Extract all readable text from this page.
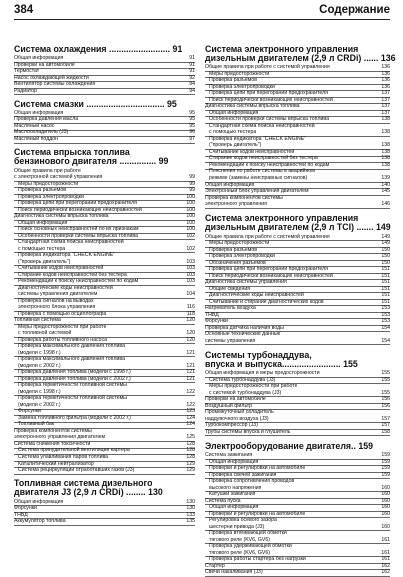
384	Содержание
Система охлаждения ......................... 91
Общая информация	91
Проверки на автомобиле	91
Термостат	91
Насос охлаждающей жидкости	92
Вентилятор системы охлаждения	94
Радиатор	94
Система смазки ................................ 95
Общая информация	95
Проверка давления масла	95
Масляный насос	95
Маслоохладитель (J3)	96
Масляный поддон	97
Система впрыска топлива
бензинового двигателя ............... 99
Общие правила при работе
с электронной системой управления	99
Меры предосторожности	99
Проверка разъемов	99
Проверка электропроводки	100
Проверка цепи при перегорании предохранителя	100
Поиск периодически возникающих неисправностей	100
Диагностика системы впрыска топлива	100
Общая информация	100
Поиск основных неисправностей по их признакам	100
Особенности проверки системы впрыска топлива	102
Стандартная схема поиска неисправностей
с помощью тестера	102
Проверка индикатора "CHECK ENGINE"
("проверь двигатель")	103
Считывание кодов неисправностей	103
Стирание кодов неисправностей без тестера	103
Рекомендации к поиску неисправностей по кодам	103
Диагностические коды неисправностей
системы управления двигателем	104
Проверка сигналов на выводах
электронного блока управления	116
Проверка с помощью осциллографа	118
Топливная система	120
Меры предосторожности при работе
с топливной системой	120
Проверка работы топливного насоса	120
Проверка максимального давления топлива
(модели с 1998 г.)	121
Проверка максимального давления топлива
(модели с 2002 г.)	121
Проверка давления топлива (модели с 1998 г.)	121
Проверка давления топлива (модели с 2002 г.)	121
Проверка герметичности топливной системы
(модели с 1998 г.)	122
Проверка герметичности топливной системы
(модели с 2002 г.)	122
Форсунки	123
Замена топливного фильтра (модели с 2002 г.)	124
Топливный бак	124
Проверка компонентов системы
электронного управления двигателем	125
Система снижения токсичности	128
Система принудительной вентиляции картера	128
Система улавливания паров топлива	128
Каталитический нейтрализатор	129
Система рециркуляции отработавших газов (J3)	129
Топливная система дизельного
двигателя J3 (2,9 л CRDi) ........ 130
Общая информация	130
Форсунки	130
ТНВД	133
Аккумулятор топлива	135
Система электронного управления
дизельным двигателем (2,9 л CRDi) ...... 136
Общие правила при работе с системой управления	136
Меры предосторожности	136
Проверка разъемов	136
Проверка электропроводки	136
Проверка цепи при перегорании предохранителя	137
Поиск периодически возникающих неисправностей	137
Диагностика системы впрыска топлива	137
Общая информация	137
Особенности проверки системы впрыска топлива	138
Стандартная схема поиска неисправностей
с помощью тестера	138
Проверка индикатора "CHECK ENGINE"
("проверь двигатель")	138
Считывание кодов неисправностей	138
Стирание кодов неисправностей без тестера	138
Рекомендации к поиску неисправностей по кодам	138
Пояснения по работе системы в аварийном
режиме (замены неисправных сигналов)	139
Общая информация	140
Электронный блок управления двигателем	145
Проверка компонентов системы
электронного управления	146
Система электронного управления
дизельным двигателем (2,9 л TCI) ....... 149
Общие правила при работе с системой управления	149
Меры предосторожности	149
Проверка разъемов	150
Проверка электропроводки	150
Обозначения разъемов	150
Проверка цепи при перегорании предохранителя	151
Поиск периодически возникающих неисправностей	151
Диагностика системы управления	151
Общие сведения	151
Диагностические коды неисправностей	151
Считывание и стирание диагностических кодов	151
Нагреватель воздуха	153
ТНВД	153
Форсунки	153
Проверка датчика наличия воды	154
Основные технические данные
системы управления	154
Системы турбонаддува,
впуска и выпуска........................ 155
Общая информация и меры предосторожности	155
Система турбонаддува (J3)	155
Меры предосторожности при работе
с системой турбонаддува (J3)	155
Проверки на автомобиле	156
Воздушный фильтр	156
Промежуточный охладитель
наддувочного воздуха (J3)	157
Турбокомпрессор (J3)	157
Трубы системы впуска и глушитель	158
Электрооборудование двигателя.. 159
Система зажигания	159
Общая информация	159
Проверки и регулировки на автомобиле	159
Проверка свечей зажигания	159
Проверка сопротивления проводов
высокого напряжения	160
Катушки зажигания	160
Система пуска	160
Общая информация	160
Проверки и регулировки на автомобиле	160
Регулировка осевого зазора
шестерни привода (J3)	160
Проверка втягивающей обмотки
тягового реле (KV6, GV6)	161
Проверка удерживающей обмотки
тягового реле (KV6, GV6)	161
Проверка работы стартера без нагрузки	161
Стартер	162
Свечи накаливания (J3)	162
